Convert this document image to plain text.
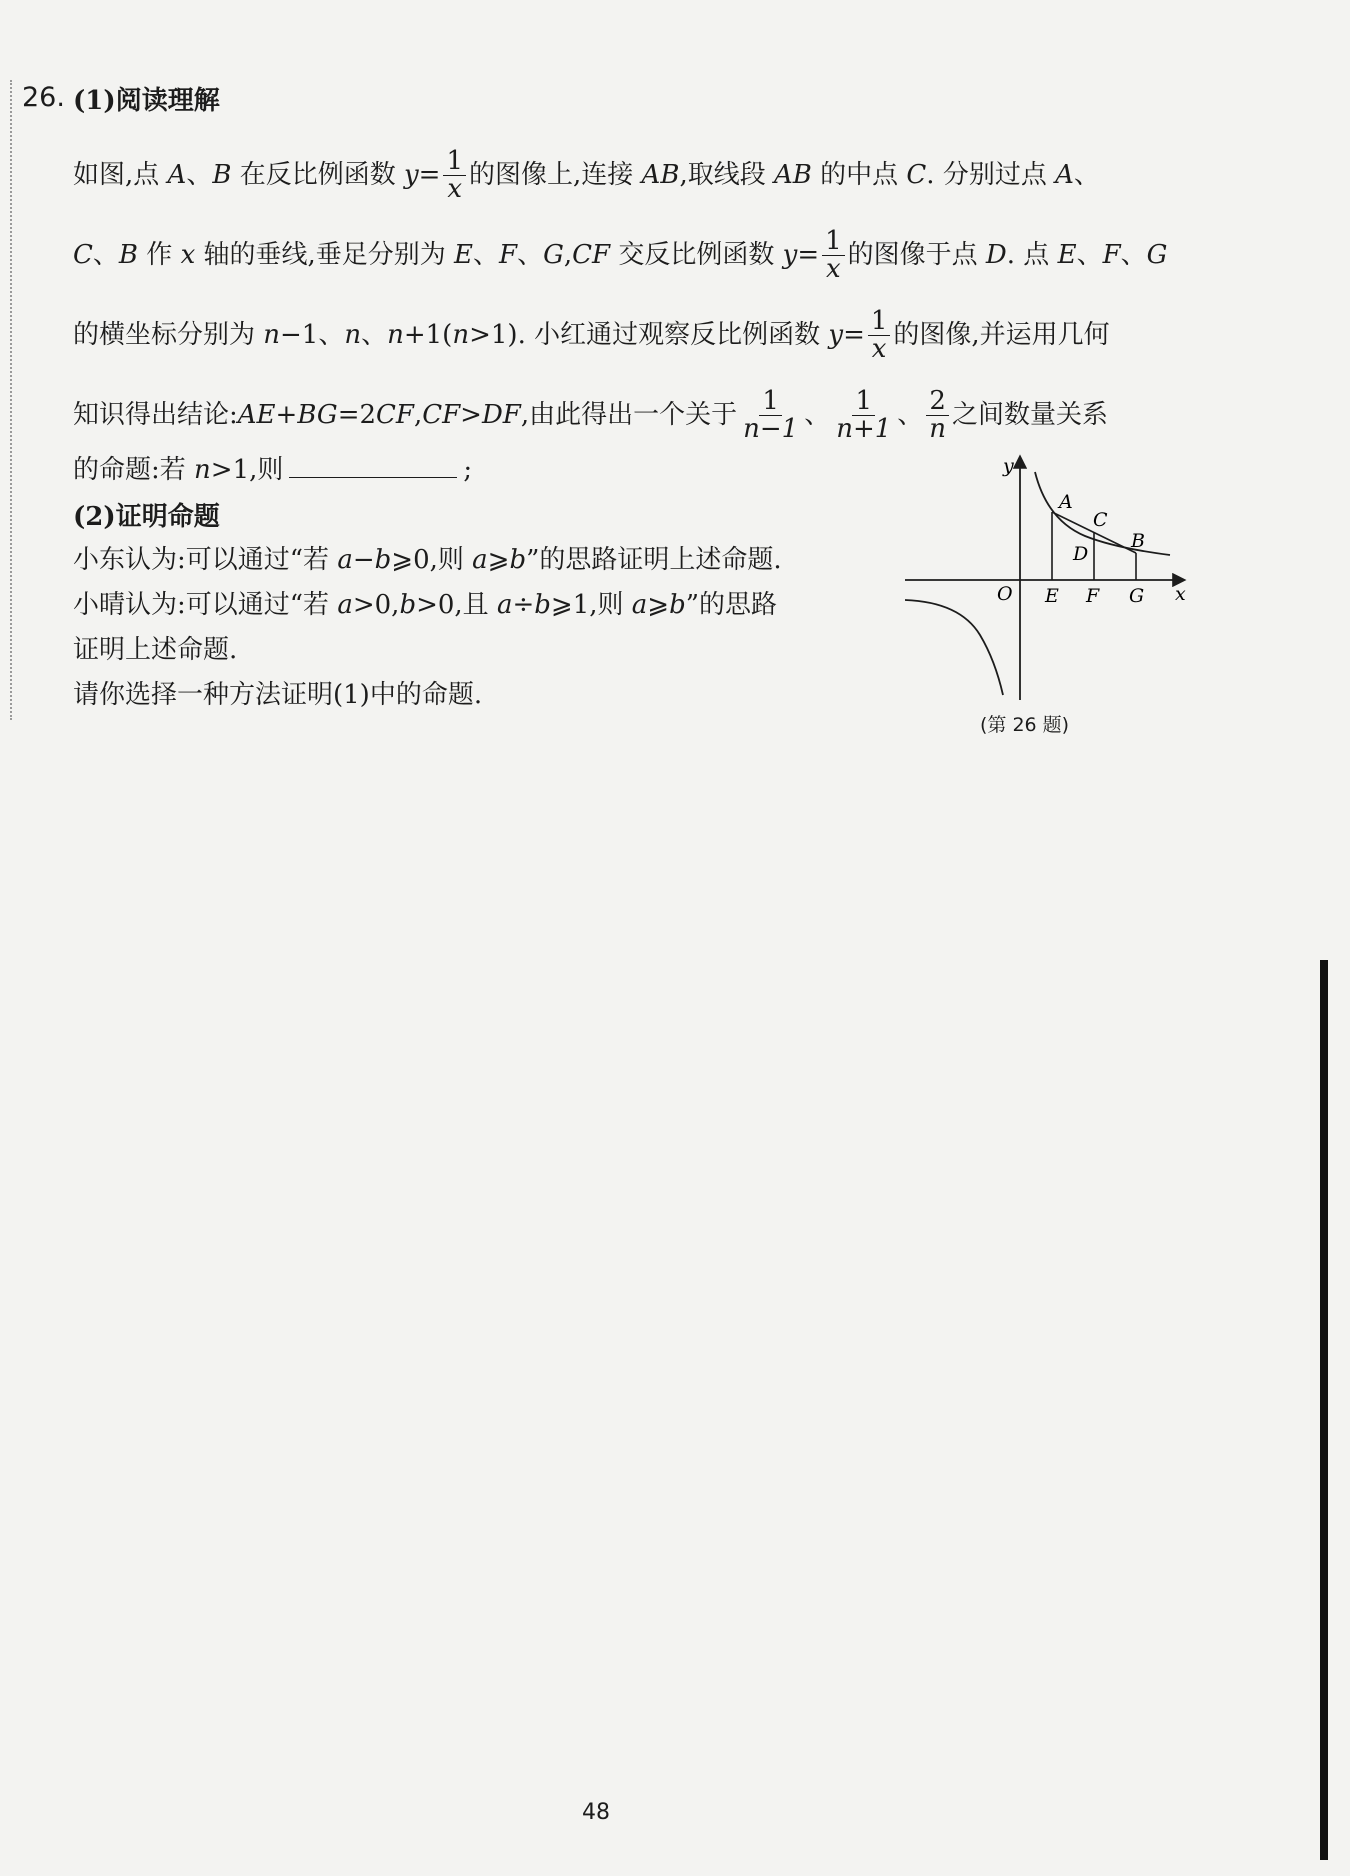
26. (1)阅读理解
如图,点 A、B 在反比例函数 $y= \frac{1}{x}$ 的图像上,连接 AB,取线段 AB 的中点 C. 分别过点 A、
C、B 作 x 轴的垂线,垂足分别为 E、F、G,CF 交反比例函数 $y= \frac{1}{x}$ 的图像于点 D. 点 E、F、G
的横坐标分别为 n−1、n、n+1(n>1). 小红通过观察反比例函数 $y= \frac{1}{x}$ 的图像,并运用几何
知识得出结论:AE+BG=2CF,CF>DF,由此得出一个关于 $\frac{1}{n-1}$ 、 $\frac{1}{n+1}$ 、 $\frac{2}{n}$ 之间数量关系
的命题:若 n>1,则	;
(2)证明命题
小东认为:可以通过“若 a−b⩾0,则 a⩾b”的思路证明上述命题.
小晴认为:可以通过“若 a>0,b>0,且 a÷b⩾1,则 a⩾b”的思路
证明上述命题.
请你选择一种方法证明(1)中的命题.
y
x
O
A
C
D
B
E F G
(第 26 题)
48
